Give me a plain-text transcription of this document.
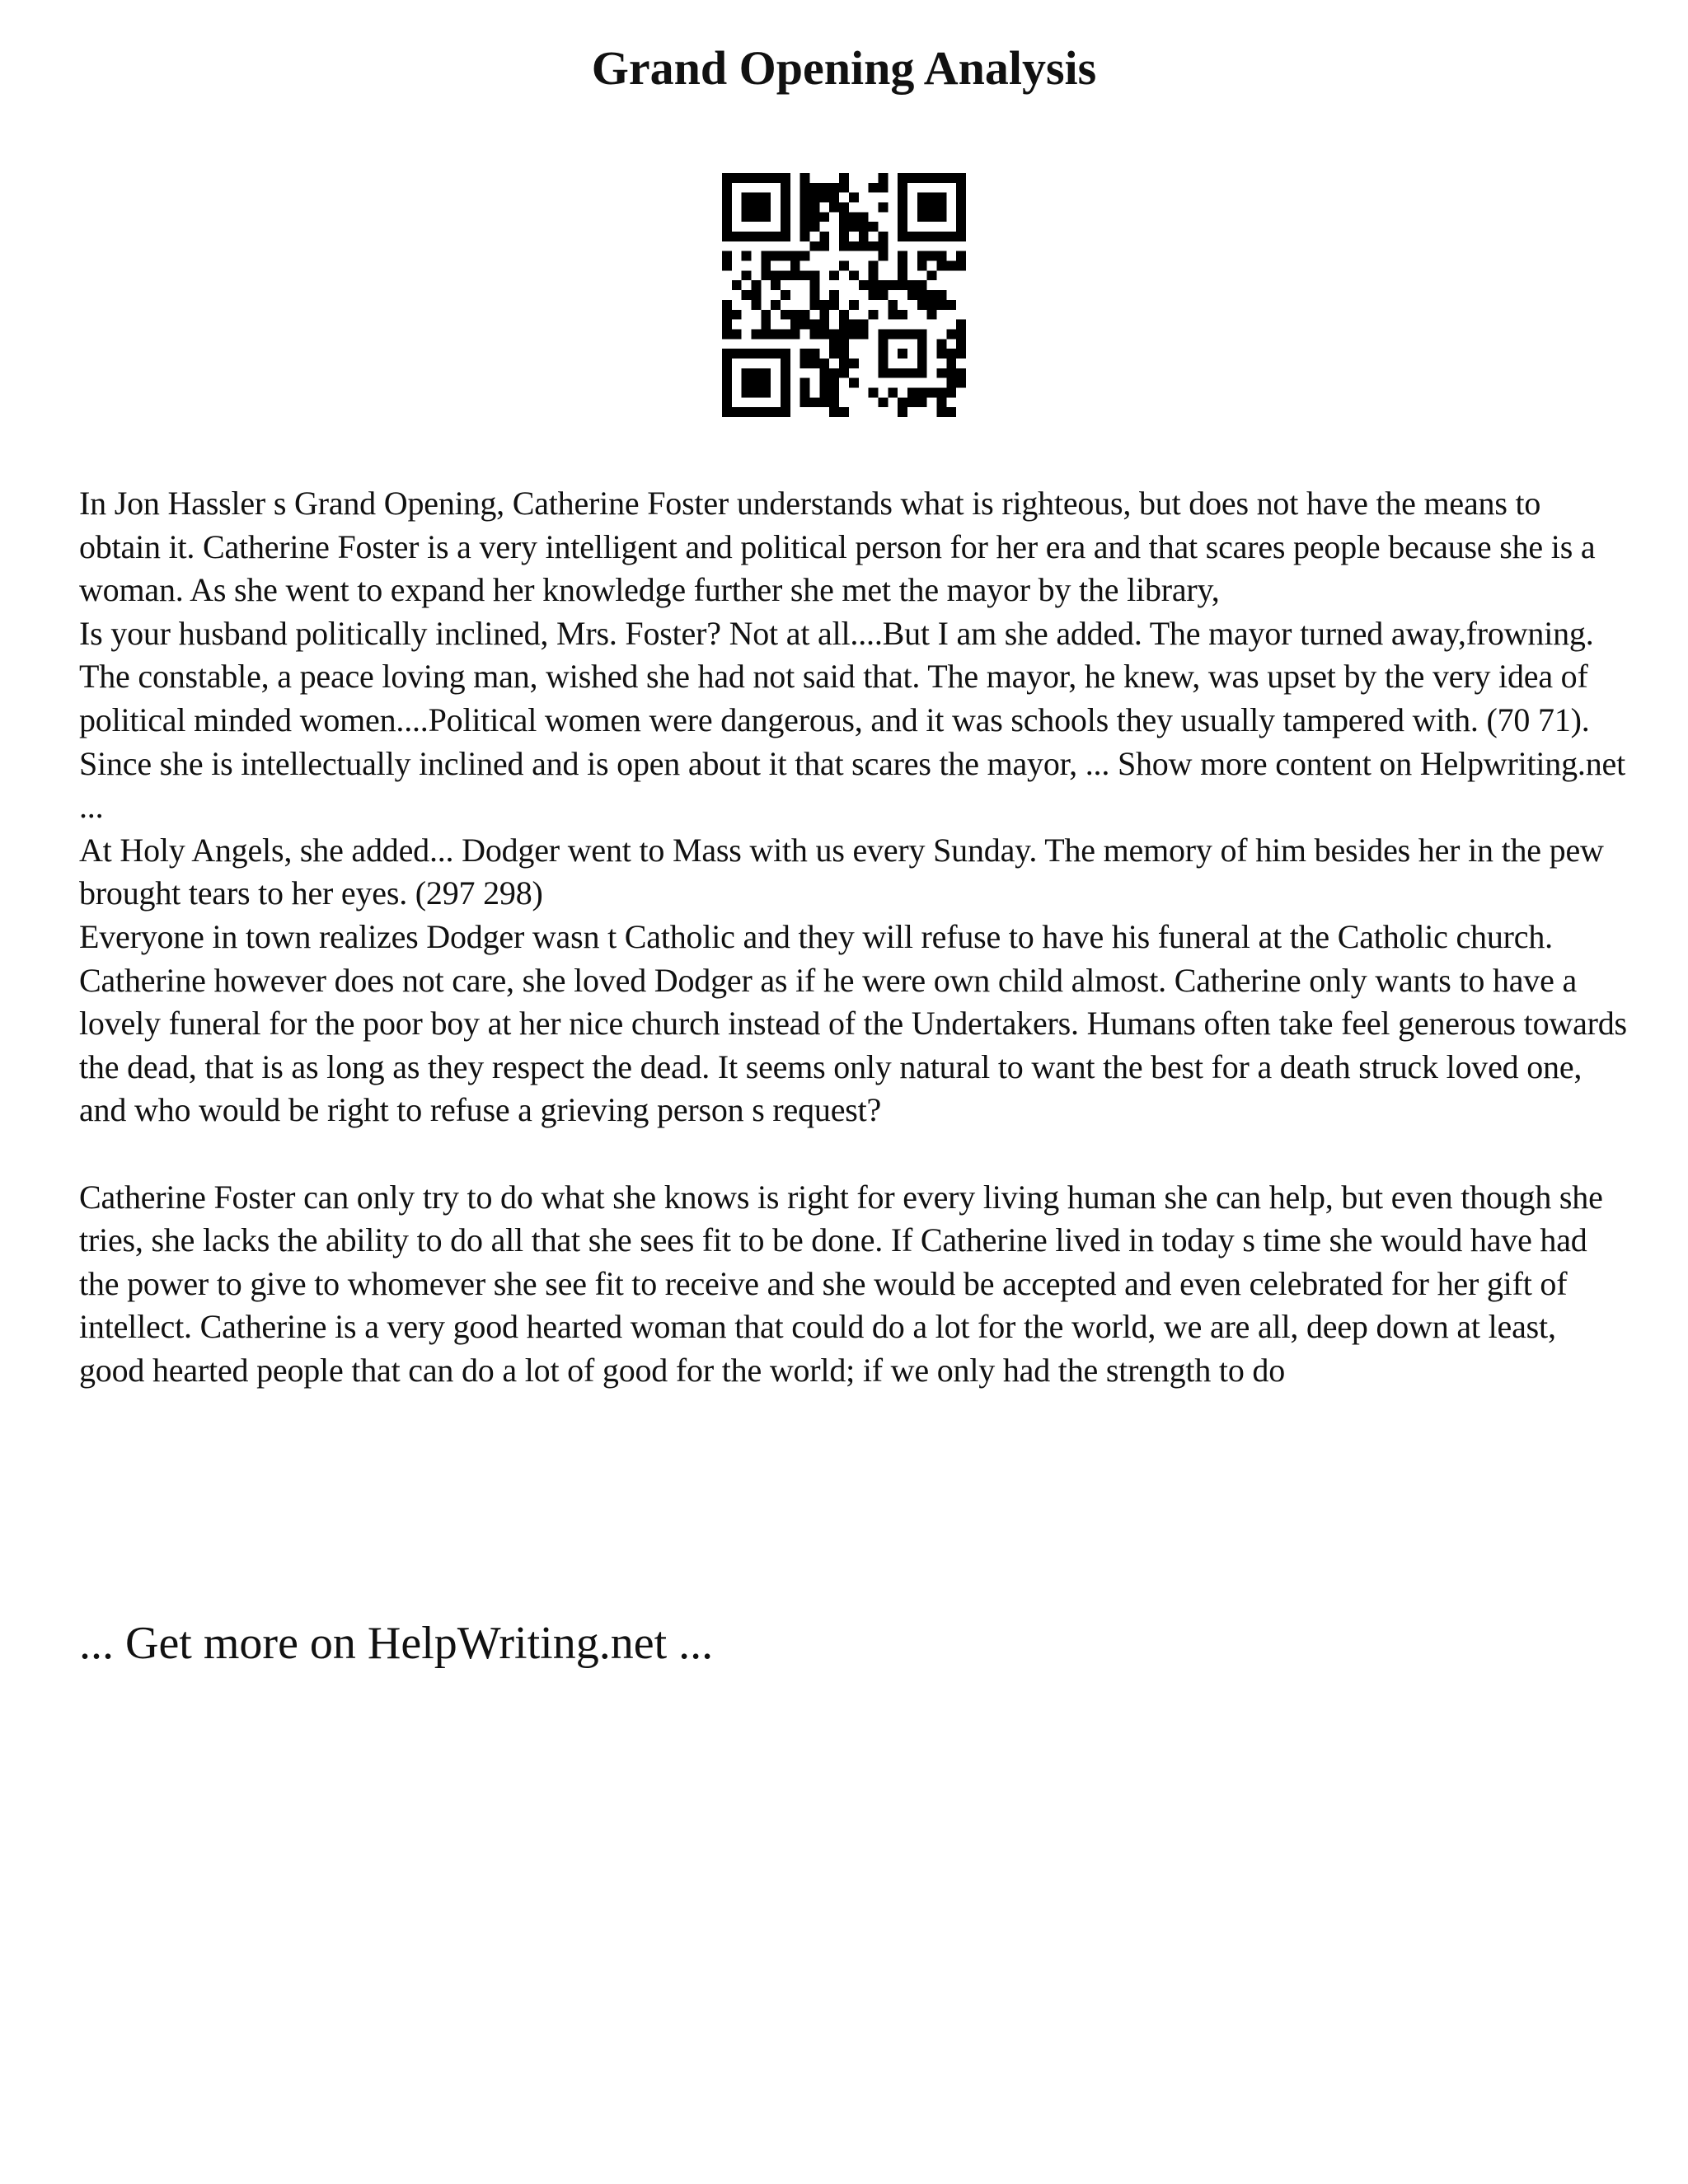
Grand Opening Analysis

In Jon Hassler s Grand Opening, Catherine Foster understands what is righteous, but does not have the means to obtain it. Catherine Foster is a very intelligent and political person for her era and that scares people because she is a woman. As she went to expand her knowledge further she met the mayor by the library,

Is your husband politically inclined, Mrs. Foster? Not at all....But I am she added. The mayor turned away,frowning. The constable, a peace loving man, wished she had not said that. The mayor, he knew, was upset by the very idea of political minded women....Political women were dangerous, and it was schools they usually tampered with. (70 71).

Since she is intellectually inclined and is open about it that scares the mayor, ... Show more content on Helpwriting.net ...

At Holy Angels, she added... Dodger went to Mass with us every Sunday. The memory of him besides her in the pew brought tears to her eyes. (297 298)

Everyone in town realizes Dodger wasn t Catholic and they will refuse to have his funeral at the Catholic church. Catherine however does not care, she loved Dodger as if he were own child almost. Catherine only wants to have a lovely funeral for the poor boy at her nice church instead of the Undertakers. Humans often take feel generous towards the dead, that is as long as they respect the dead. It seems only natural to want the best for a death struck loved one, and who would be right to refuse a grieving person s request?

Catherine Foster can only try to do what she knows is right for every living human she can help, but even though she tries, she lacks the ability to do all that she sees fit to be done. If Catherine lived in today s time she would have had the power to give to whomever she see fit to receive and she would be accepted and even celebrated for her gift of intellect. Catherine is a very good hearted woman that could do a lot for the world, we are all, deep down at least, good hearted people that can do a lot of good for the world; if we only had the strength to do

... Get more on HelpWriting.net ...
